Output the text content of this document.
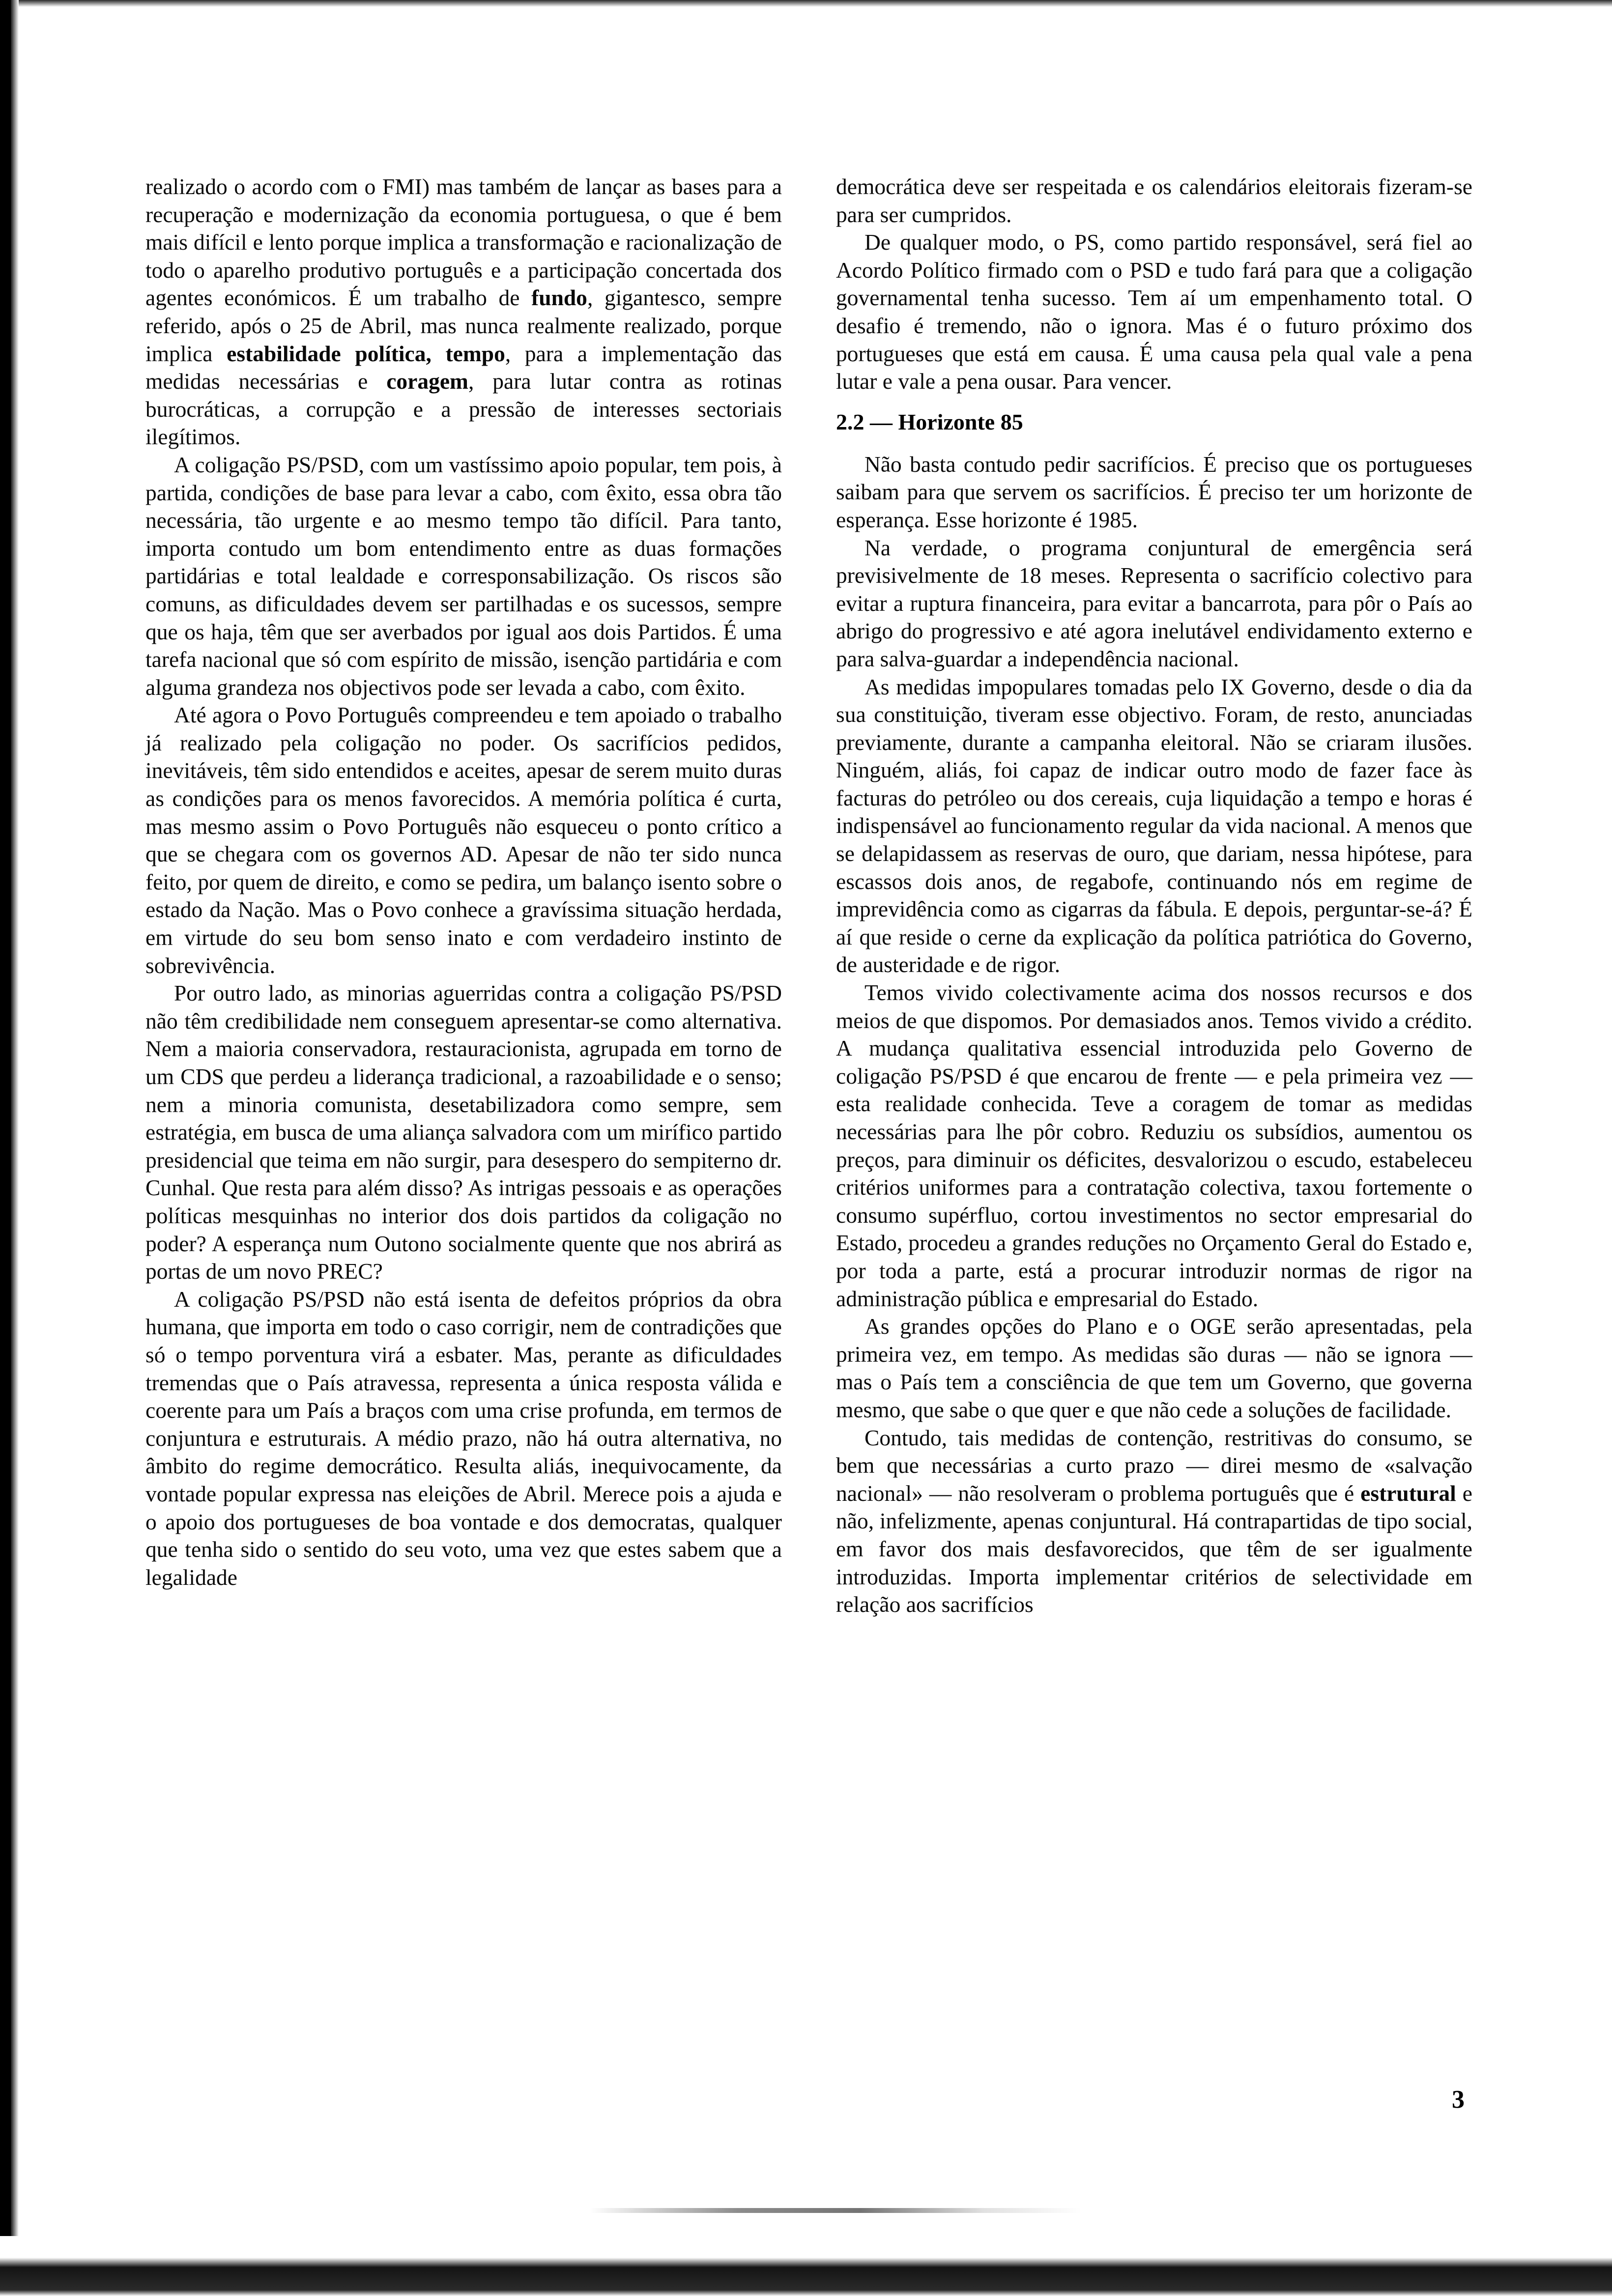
realizado o acordo com o FMI) mas também de lançar as bases para a recuperação e modernização da economia portuguesa, o que é bem mais difícil e lento porque implica a transformação e racionalização de todo o aparelho produtivo português e a participação concertada dos agentes económicos. É um trabalho de fundo, gigantesco, sempre referido, após o 25 de Abril, mas nunca realmente realizado, porque implica estabilidade política, tempo, para a implementação das medidas necessárias e coragem, para lutar contra as rotinas burocráticas, a corrupção e a pressão de interesses sectoriais ilegítimos.

A coligação PS/PSD, com um vastíssimo apoio popular, tem pois, à partida, condições de base para levar a cabo, com êxito, essa obra tão necessária, tão urgente e ao mesmo tempo tão difícil. Para tanto, importa contudo um bom entendimento entre as duas formações partidárias e total lealdade e corresponsabilização. Os riscos são comuns, as dificuldades devem ser partilhadas e os sucessos, sempre que os haja, têm que ser averbados por igual aos dois Partidos. É uma tarefa nacional que só com espírito de missão, isenção partidária e com alguma grandeza nos objectivos pode ser levada a cabo, com êxito.

Até agora o Povo Português compreendeu e tem apoiado o trabalho já realizado pela coligação no poder. Os sacrifícios pedidos, inevitáveis, têm sido entendidos e aceites, apesar de serem muito duras as condições para os menos favorecidos. A memória política é curta, mas mesmo assim o Povo Português não esqueceu o ponto crítico a que se chegara com os governos AD. Apesar de não ter sido nunca feito, por quem de direito, e como se pedira, um balanço isento sobre o estado da Nação. Mas o Povo conhece a gravíssima situação herdada, em virtude do seu bom senso inato e com verdadeiro instinto de sobrevivência.

Por outro lado, as minorias aguerridas contra a coligação PS/PSD não têm credibilidade nem conseguem apresentar-se como alternativa. Nem a maioria conservadora, restauracionista, agrupada em torno de um CDS que perdeu a liderança tradicional, a razoabilidade e o senso; nem a minoria comunista, desetabilizadora como sempre, sem estratégia, em busca de uma aliança salvadora com um mirífico partido presidencial que teima em não surgir, para desespero do sempiterno dr. Cunhal. Que resta para além disso? As intrigas pessoais e as operações políticas mesquinhas no interior dos dois partidos da coligação no poder? A esperança num Outono socialmente quente que nos abrirá as portas de um novo PREC?

A coligação PS/PSD não está isenta de defeitos próprios da obra humana, que importa em todo o caso corrigir, nem de contradições que só o tempo porventura virá a esbater. Mas, perante as dificuldades tremendas que o País atravessa, representa a única resposta válida e coerente para um País a braços com uma crise profunda, em termos de conjuntura e estruturais. A médio prazo, não há outra alternativa, no âmbito do regime democrático. Resulta aliás, inequivocamente, da vontade popular expressa nas eleições de Abril. Merece pois a ajuda e o apoio dos portugueses de boa vontade e dos democratas, qualquer que tenha sido o sentido do seu voto, uma vez que estes sabem que a legalidade

democrática deve ser respeitada e os calendários eleitorais fizeram-se para ser cumpridos.

De qualquer modo, o PS, como partido responsável, será fiel ao Acordo Político firmado com o PSD e tudo fará para que a coligação governamental tenha sucesso. Tem aí um empenhamento total. O desafio é tremendo, não o ignora. Mas é o futuro próximo dos portugueses que está em causa. É uma causa pela qual vale a pena lutar e vale a pena ousar. Para vencer.

2.2 — Horizonte 85

Não basta contudo pedir sacrifícios. É preciso que os portugueses saibam para que servem os sacrifícios. É preciso ter um horizonte de esperança. Esse horizonte é 1985.

Na verdade, o programa conjuntural de emergência será previsivelmente de 18 meses. Representa o sacrifício colectivo para evitar a ruptura financeira, para evitar a bancarrota, para pôr o País ao abrigo do progressivo e até agora inelutável endividamento externo e para salva-guardar a independência nacional.

As medidas impopulares tomadas pelo IX Governo, desde o dia da sua constituição, tiveram esse objectivo. Foram, de resto, anunciadas previamente, durante a campanha eleitoral. Não se criaram ilusões. Ninguém, aliás, foi capaz de indicar outro modo de fazer face às facturas do petróleo ou dos cereais, cuja liquidação a tempo e horas é indispensável ao funcionamento regular da vida nacional. A menos que se delapidassem as reservas de ouro, que dariam, nessa hipótese, para escassos dois anos, de regabofe, continuando nós em regime de imprevidência como as cigarras da fábula. E depois, perguntar-se-á? É aí que reside o cerne da explicação da política patriótica do Governo, de austeridade e de rigor.

Temos vivido colectivamente acima dos nossos recursos e dos meios de que dispomos. Por demasiados anos. Temos vivido a crédito. A mudança qualitativa essencial introduzida pelo Governo de coligação PS/PSD é que encarou de frente — e pela primeira vez — esta realidade conhecida. Teve a coragem de tomar as medidas necessárias para lhe pôr cobro. Reduziu os subsídios, aumentou os preços, para diminuir os déficites, desvalorizou o escudo, estabeleceu critérios uniformes para a contratação colectiva, taxou fortemente o consumo supérfluo, cortou investimentos no sector empresarial do Estado, procedeu a grandes reduções no Orçamento Geral do Estado e, por toda a parte, está a procurar introduzir normas de rigor na administração pública e empresarial do Estado.

As grandes opções do Plano e o OGE serão apresentadas, pela primeira vez, em tempo. As medidas são duras — não se ignora — mas o País tem a consciência de que tem um Governo, que governa mesmo, que sabe o que quer e que não cede a soluções de facilidade.

Contudo, tais medidas de contenção, restritivas do consumo, se bem que necessárias a curto prazo — direi mesmo de «salvação nacional» — não resolveram o problema português que é estrutural e não, infelizmente, apenas conjuntural. Há contrapartidas de tipo social, em favor dos mais desfavorecidos, que têm de ser igualmente introduzidas. Importa implementar critérios de selectividade em relação aos sacrifícios

3
